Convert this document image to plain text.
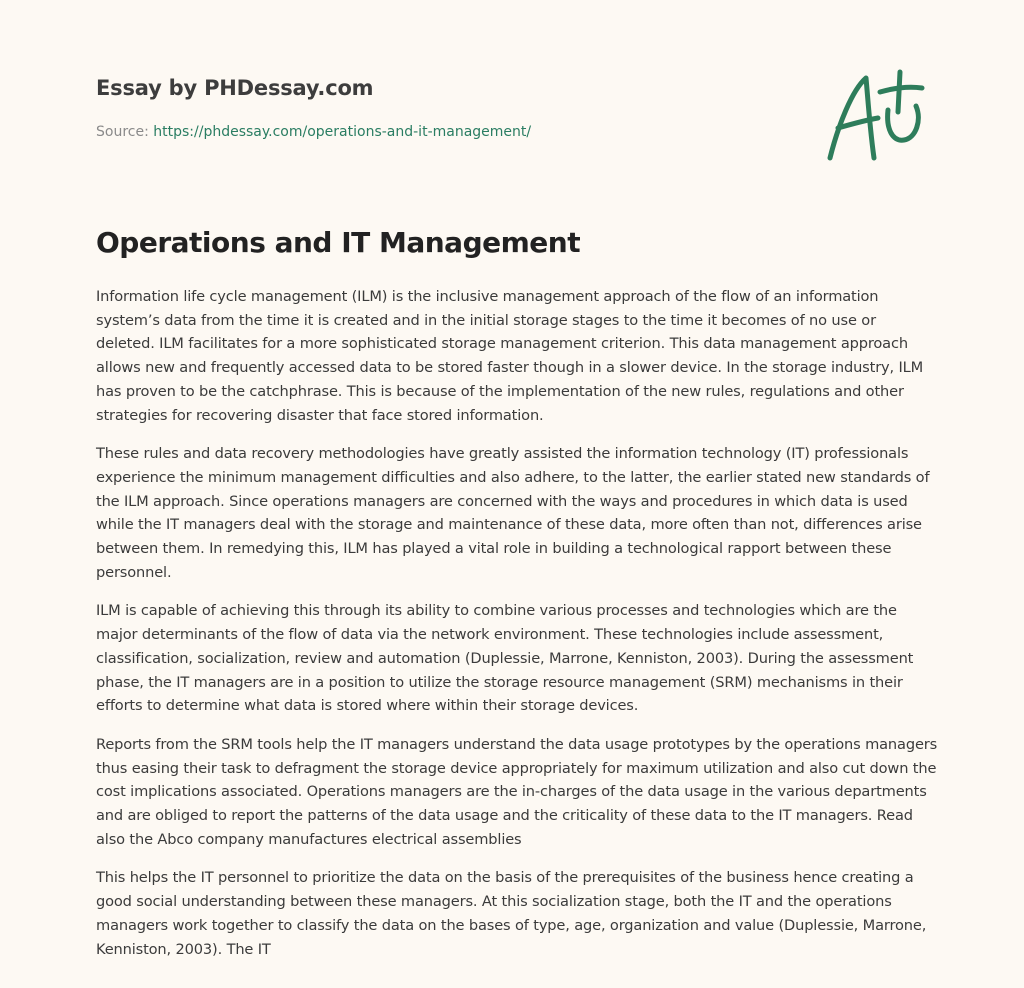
Essay by PHDessay.com

Source: https://phdessay.com/operations-and-it-management/

Operations and IT Management

Information life cycle management (ILM) is the inclusive management approach of the flow of an information system’s data from the time it is created and in the initial storage stages to the time it becomes of no use or deleted. ILM facilitates for a more sophisticated storage management criterion. This data management approach allows new and frequently accessed data to be stored faster though in a slower device. In the storage industry, ILM has proven to be the catchphrase. This is because of the implementation of the new rules, regulations and other strategies for recovering disaster that face stored information.

These rules and data recovery methodologies have greatly assisted the information technology (IT) professionals experience the minimum management difficulties and also adhere, to the latter, the earlier stated new standards of the ILM approach. Since operations managers are concerned with the ways and procedures in which data is used while the IT managers deal with the storage and maintenance of these data, more often than not, differences arise between them. In remedying this, ILM has played a vital role in building a technological rapport between these personnel.

ILM is capable of achieving this through its ability to combine various processes and technologies which are the major determinants of the flow of data via the network environment. These technologies include assessment, classification, socialization, review and automation (Duplessie, Marrone, Kenniston, 2003). During the assessment phase, the IT managers are in a position to utilize the storage resource management (SRM) mechanisms in their efforts to determine what data is stored where within their storage devices.

Reports from the SRM tools help the IT managers understand the data usage prototypes by the operations managers thus easing their task to defragment the storage device appropriately for maximum utilization and also cut down the cost implications associated. Operations managers are the in-charges of the data usage in the various departments and are obliged to report the patterns of the data usage and the criticality of these data to the IT managers. Read also the Abco company manufactures electrical assemblies

This helps the IT personnel to prioritize the data on the basis of the prerequisites of the business hence creating a good social understanding between these managers. At this socialization stage, both the IT and the operations managers work together to classify the data on the bases of type, age, organization and value (Duplessie, Marrone, Kenniston, 2003). The IT
